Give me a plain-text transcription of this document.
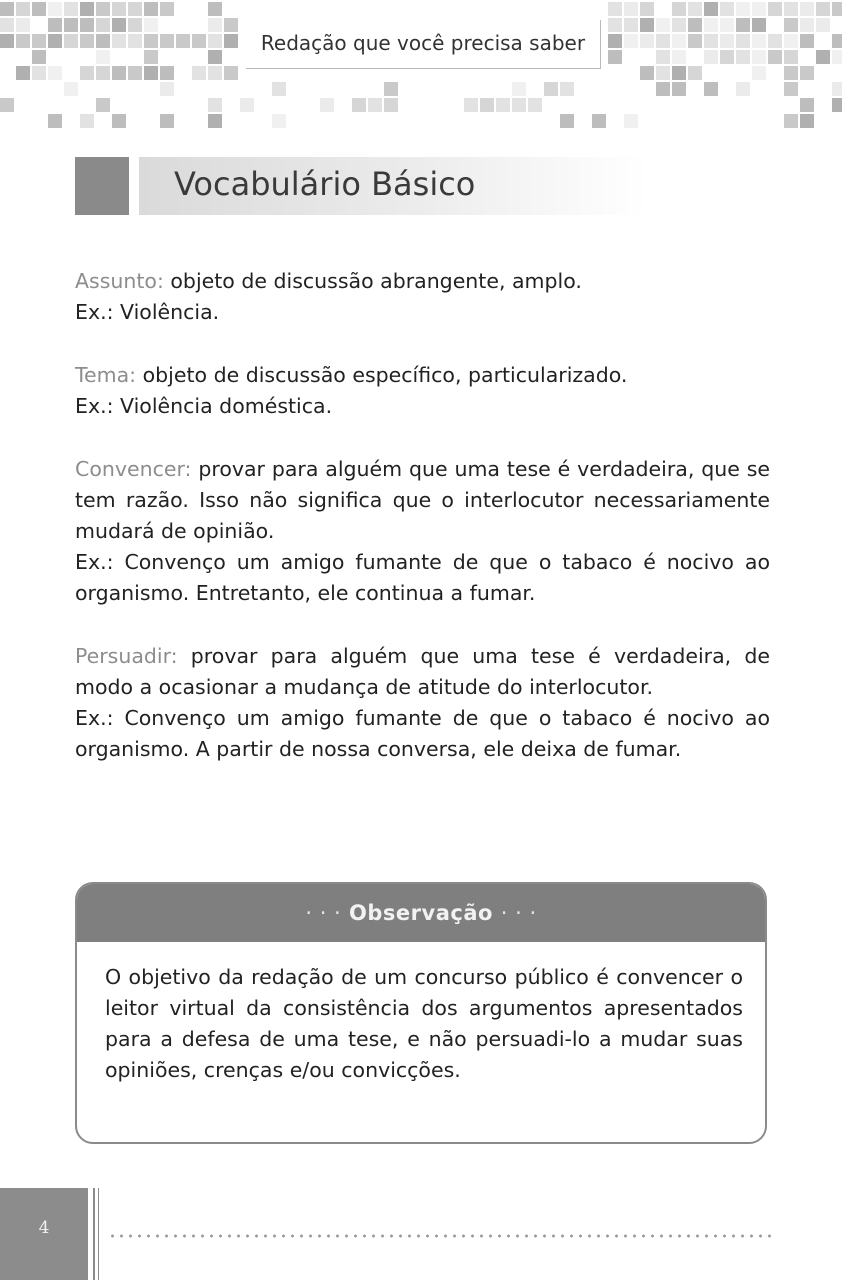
Redação que você precisa saber
Vocabulário Básico
Assunto: objeto de discussão abrangente, amplo.
Ex.: Violência.
Tema: objeto de discussão específico, particularizado.
Ex.: Violência doméstica.
Convencer: provar para alguém que uma tese é verdadeira, que se tem razão. Isso não significa que o interlocutor necessariamente mudará de opinião.
Ex.: Convenço um amigo fumante de que o tabaco é nocivo ao organismo. Entretanto, ele continua a fumar.
Persuadir: provar para alguém que uma tese é verdadeira, de modo a ocasionar a mudança de atitude do interlocutor.
Ex.: Convenço um amigo fumante de que o tabaco é nocivo ao organismo. A partir de nossa conversa, ele deixa de fumar.
· · · Observação · · ·
O objetivo da redação de um concurso público é convencer o leitor virtual da consistência dos argumentos apresentados para a defesa de uma tese, e não persuadi-lo a mudar suas opiniões, crenças e/ou convicções.
4
